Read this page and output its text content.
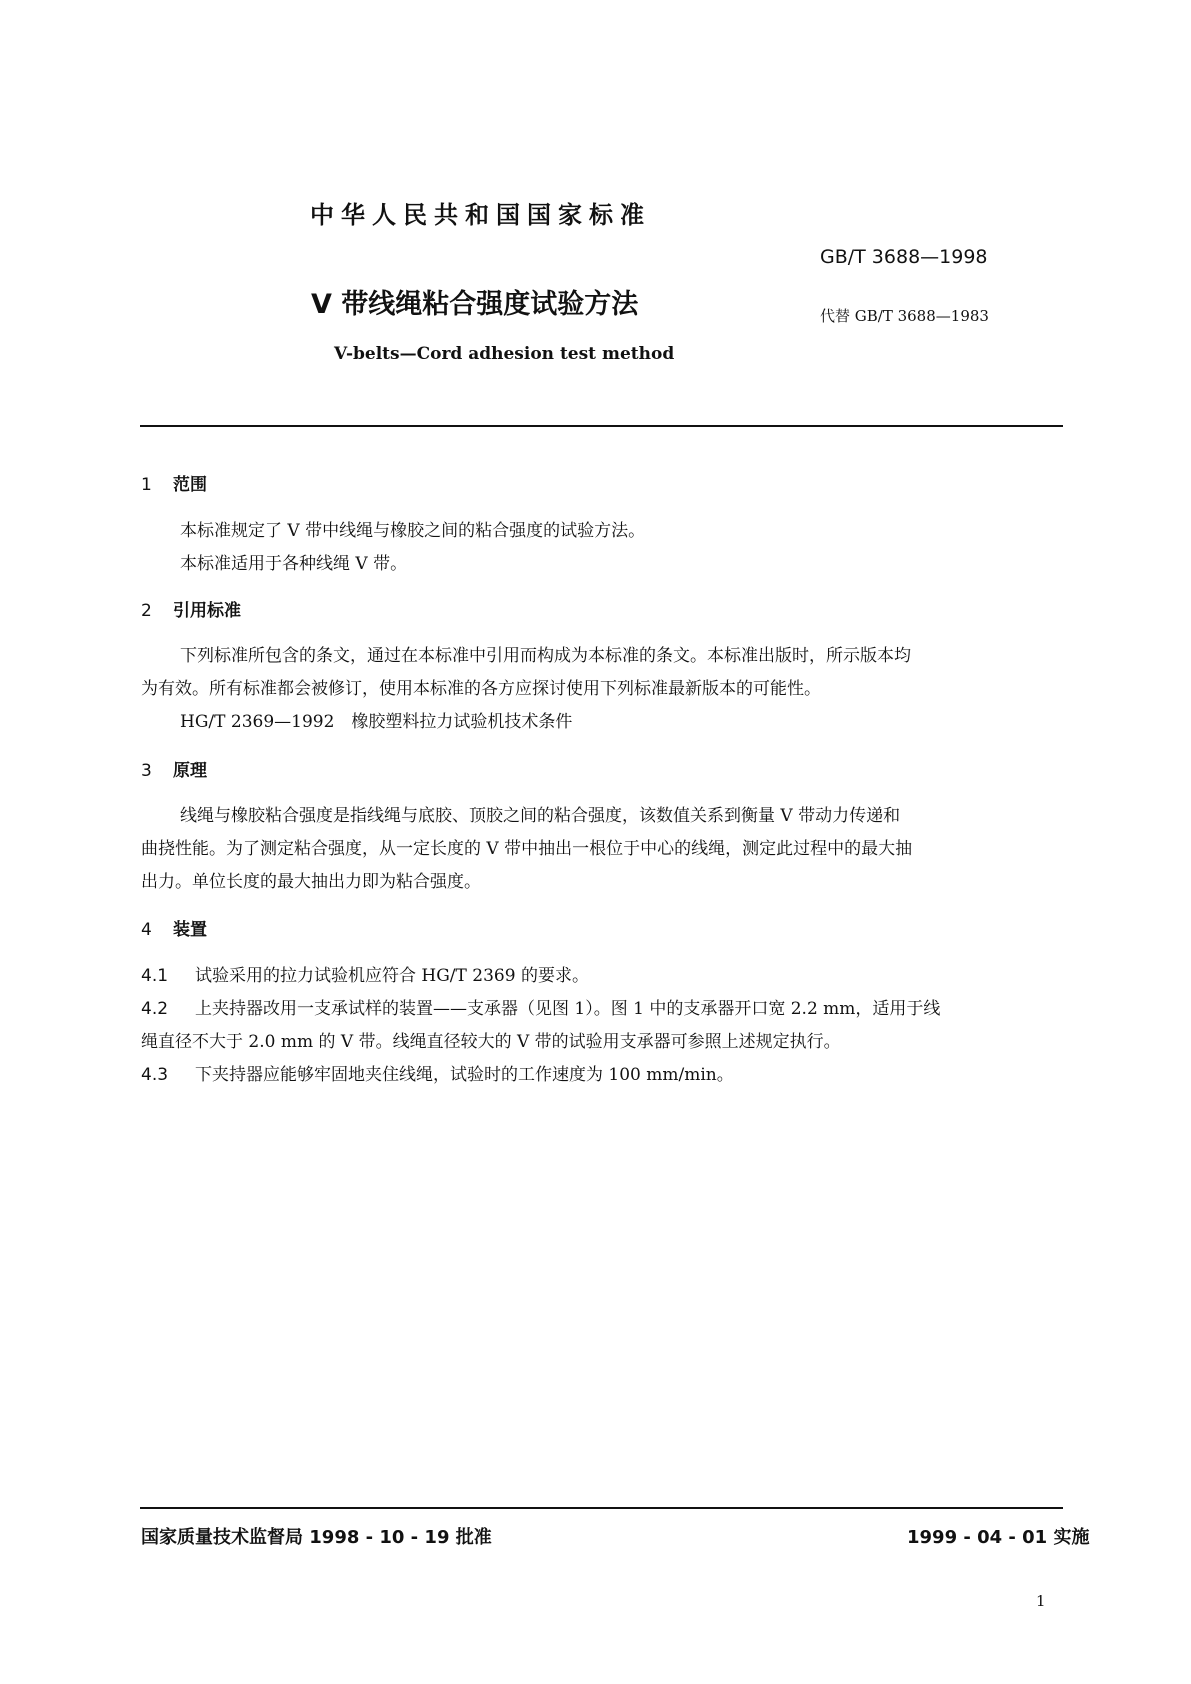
中华人民共和国国家标准
GB/T 3688—1998
V 带线绳粘合强度试验方法	代替 GB/T 3688—1983
V-belts—Cord adhesion test method
1 范围
本标准规定了 V 带中线绳与橡胶之间的粘合强度的试验方法。
本标准适用于各种线绳 V 带。
2 引用标准
下列标准所包含的条文，通过在本标准中引用而构成为本标准的条文。本标准出版时，所示版本均
为有效。所有标准都会被修订，使用本标准的各方应探讨使用下列标准最新版本的可能性。
HG/T 2369—1992　橡胶塑料拉力试验机技术条件
3 原理
线绳与橡胶粘合强度是指线绳与底胶、顶胶之间的粘合强度，该数值关系到衡量 V 带动力传递和
曲挠性能。为了测定粘合强度，从一定长度的 V 带中抽出一根位于中心的线绳，测定此过程中的最大抽
出力。单位长度的最大抽出力即为粘合强度。
4 装置
4.1 试验采用的拉力试验机应符合 HG/T 2369 的要求。
4.2 上夹持器改用一支承试样的装置——支承器（见图 1）。图 1 中的支承器开口宽 2.2 mm，适用于线
绳直径不大于 2.0 mm 的 V 带。线绳直径较大的 V 带的试验用支承器可参照上述规定执行。
4.3 下夹持器应能够牢固地夹住线绳，试验时的工作速度为 100 mm/min。
国家质量技术监督局 1998 - 10 - 19 批准	1999 - 04 - 01 实施
1
